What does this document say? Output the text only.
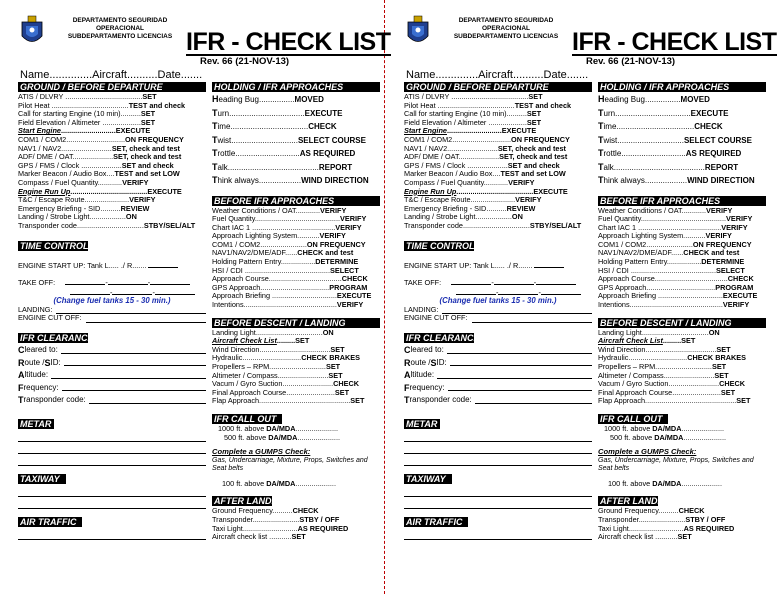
DEPARTAMENTO SEGURIDAD OPERACIONAL
SUBDEPARTAMENTO LICENCIAS IFR - CHECK LIST
Rev. 66 (21-NOV-13)
Name..............Aircraft..........Date.......
GROUND / BEFORE DEPARTURE
ATIS / DLVRY ......................................SET
Pilot Heat ......................................TEST and check
Call for starting Engine (10 min)..........SET
Field Elevation / Altimeter ...................SET
Start Engine...........................EXECUTE
COM1 / COM2.............................ON FREQUENCY
NAV1 / NAV2.........................SET, check and test
ADF/ DME / OAT....................SET, check and test
GPS / FMS / Clock ....................SET and check
Marker Beacon / Audio Box....TEST and set LOW
Compass / Fuel Quantity............VERIFY
Engine Run Up......................................EXECUTE
T&C / Escape Route......................VERIFY
Emergency Briefing - SID..........REVIEW
Landing / Strobe Light..................ON
Transponder code.................................STBY/SEL/ALT
TIME CONTROL
ENGINE START UP: Tank L..... ./ R.......
TAKE OFF:	-	-
-	-
(Change fuel tanks 15 - 30 min.)
LANDING:
ENGINE CUT OFF:
IFR CLEARANCE
C leared to:
R oute / S ID:
A ltitude:
F requency:
T ransponder code:
METAR
TAXIWAY
AIR TRAFFIC
HOLDING / IFR APPROACHES
Heading Bug................MOVED
Turn..................................EXECUTE
Time...................................CHECK
Twist..............................SELECT COURSE
Trottle.............................AS REQUIRED
Talk.........................................REPORT
Think always...................WIND DIRECTION
BEFORE IFR APPROACHES
Weather Conditions / OAT............VERIFY
Fuel Quantity..........................................VERIFY
Chart IAC 1 .........................................VERIFY
Approach Lighting System...........VERIFY
COM1 / COM2.......................ON FREQUENCY
NAV1/NAV2/DME/ADF......CHECK and test
Holding Pattern Entry.................DETERMINE
HSI / CDI ..........................................SELECT
Approach Course....................................CHECK
GPS Approach..................................PROGRAM
Approach Briefing ................................EXECUTE
Intentions..............................................VERIFY
BEFORE DESCENT / LANDING
Landing Light.................................ON
Aircraft Check List.........SET
Wind Direction...................................SET
Hydraulic.............................CHECK BRAKES
Propellers – RPM............................SET
Altimeter / Compass.........................SET
Vacum / Gyro Suction.........................CHECK
Final Approach Course........................SET
Flap Approach.............................................SET
IFR CALL OUT
1000 ft. above DA/MDA.....................
500 ft. above DA/MDA.....................
Complete a GUMPS Check:
Gas, Undercarriage, Mixture, Props, Switches and Seat belts
100 ft. above DA/MDA....................
AFTER LANDING
Ground Frequency..........CHECK
Transponder.......................STBY / OFF
Taxi Light...........................AS REQUIRED
Aircraft check list ...........SET
DEPARTAMENTO SEGURIDAD OPERACIONAL
SUBDEPARTAMENTO LICENCIAS IFR - CHECK LIST
Rev. 66 (21-NOV-13)
Name..............Aircraft..........Date.......
GROUND / BEFORE DEPARTURE
ATIS / DLVRY ......................................SET
Pilot Heat ......................................TEST and check
Call for starting Engine (10 min)..........SET
Field Elevation / Altimeter ...................SET
Start Engine...........................EXECUTE
COM1 / COM2.............................ON FREQUENCY
NAV1 / NAV2.........................SET, check and test
ADF/ DME / OAT....................SET, check and test
GPS / FMS / Clock ....................SET and check
Marker Beacon / Audio Box....TEST and set LOW
Compass / Fuel Quantity............VERIFY
Engine Run Up......................................EXECUTE
T&C / Escape Route......................VERIFY
Emergency Briefing - SID..........REVIEW
Landing / Strobe Light..................ON
Transponder code.................................STBY/SEL/ALT
TIME CONTROL
ENGINE START UP: Tank L..... ./ R.......
TAKE OFF:	-	-
-	-
(Change fuel tanks 15 - 30 min.)
LANDING:
ENGINE CUT OFF:
IFR CLEARANCE
C leared to:
R oute / S ID:
A ltitude:
F requency:
T ransponder code:
METAR
TAXIWAY
AIR TRAFFIC
HOLDING / IFR APPROACHES
Heading Bug................MOVED
Turn..................................EXECUTE
Time...................................CHECK
Twist..............................SELECT COURSE
Trottle.............................AS REQUIRED
Talk.........................................REPORT
Think always...................WIND DIRECTION
BEFORE IFR APPROACHES
Weather Conditions / OAT............VERIFY
Fuel Quantity..........................................VERIFY
Chart IAC 1 .........................................VERIFY
Approach Lighting System...........VERIFY
COM1 / COM2.......................ON FREQUENCY
NAV1/NAV2/DME/ADF......CHECK and test
Holding Pattern Entry.................DETERMINE
HSI / CDI ..........................................SELECT
Approach Course....................................CHECK
GPS Approach..................................PROGRAM
Approach Briefing ................................EXECUTE
Intentions..............................................VERIFY
BEFORE DESCENT / LANDING
Landing Light.................................ON
Aircraft Check List.........SET
Wind Direction...................................SET
Hydraulic.............................CHECK BRAKES
Propellers – RPM............................SET
Altimeter / Compass.........................SET
Vacum / Gyro Suction.........................CHECK
Final Approach Course........................SET
Flap Approach.............................................SET
IFR CALL OUT
1000 ft. above DA/MDA.....................
500 ft. above DA/MDA.....................
Complete a GUMPS Check:
Gas, Undercarriage, Mixture, Props, Switches and Seat belts
100 ft. above DA/MDA....................
AFTER LANDING
Ground Frequency..........CHECK
Transponder.......................STBY / OFF
Taxi Light...........................AS REQUIRED
Aircraft check list ...........SET
